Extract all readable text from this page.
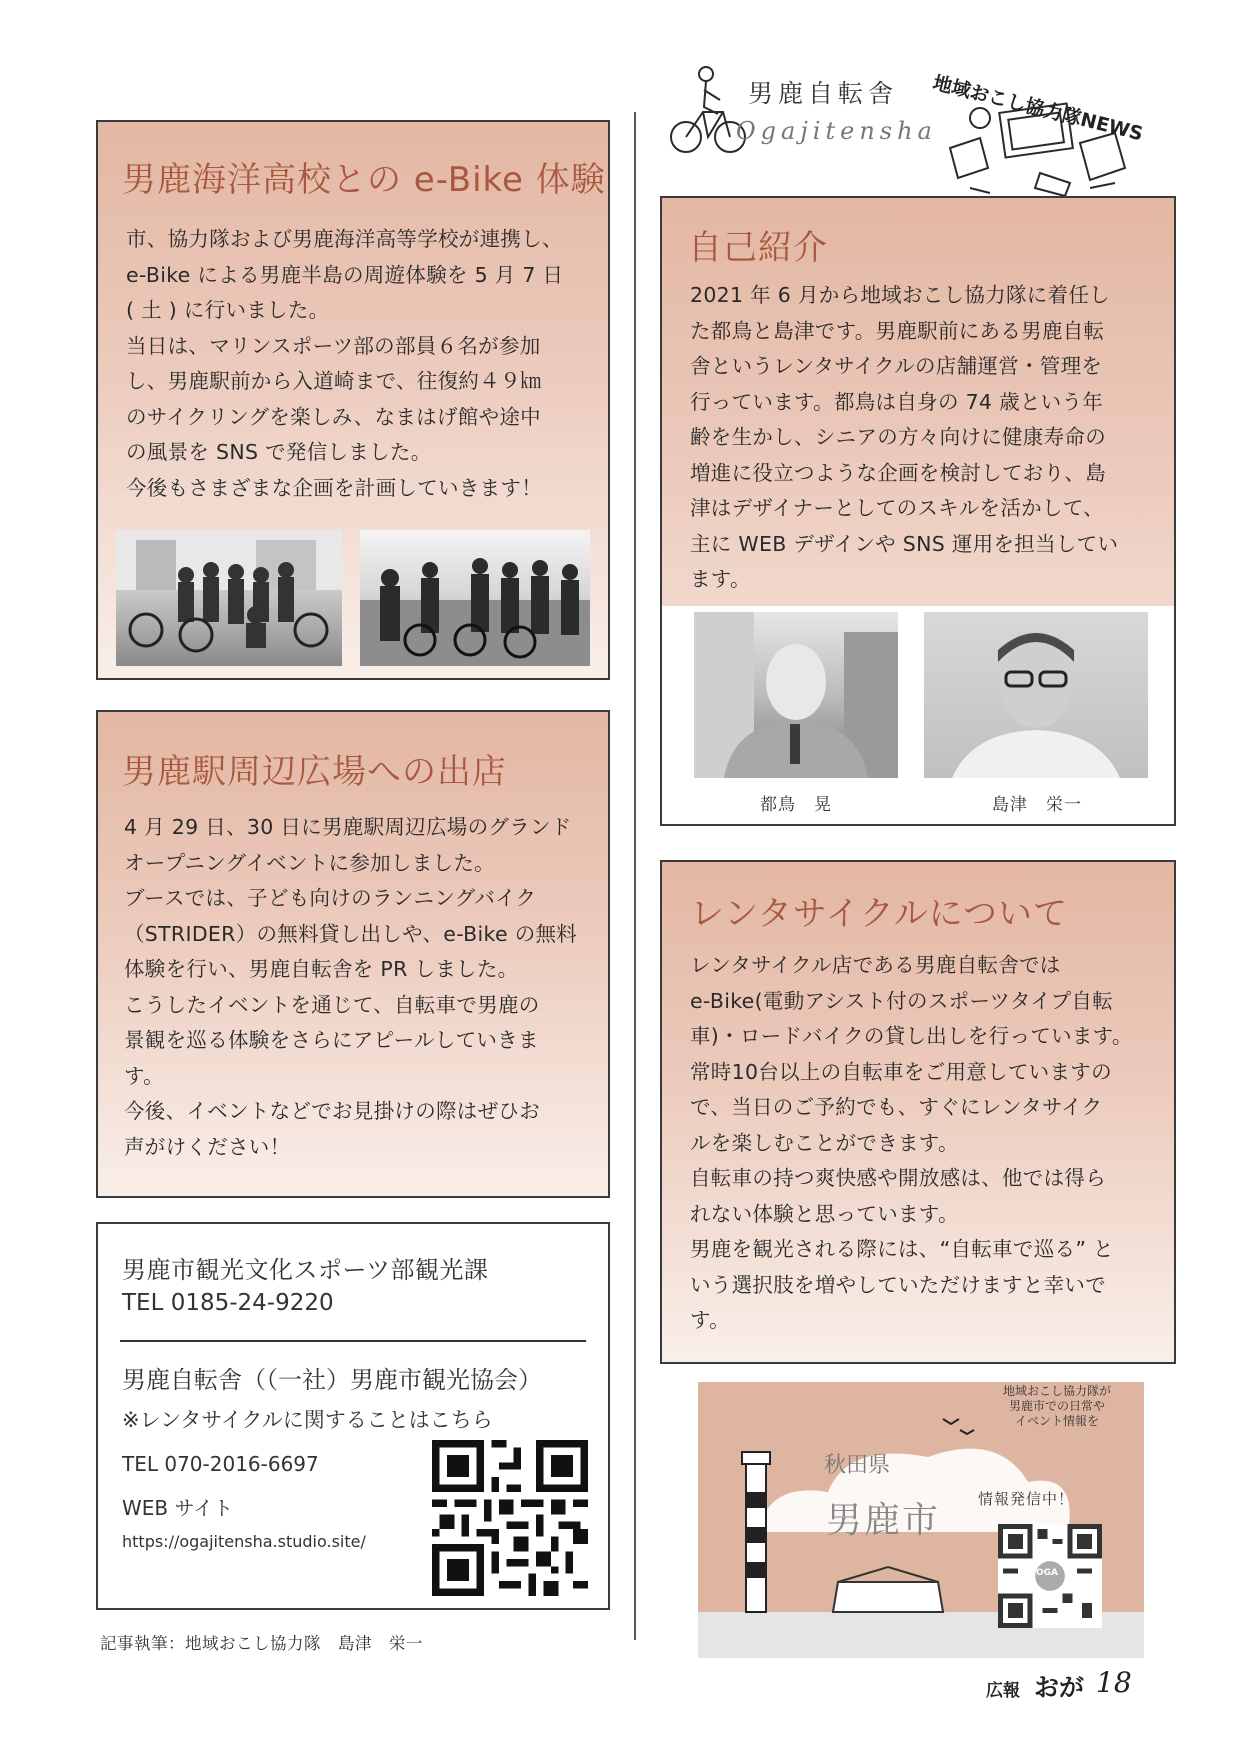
男鹿自転舎
Ogajitensha
地域おこし協力隊NEWS
男鹿海洋高校との e-Bike 体験

市、協力隊および男鹿海洋高等学校が連携し、

e-Bike による男鹿半島の周遊体験を 5 月 7 日

( 土 ) に行いました。

当日は、マリンスポーツ部の部員６名が参加

し、男鹿駅前から入道崎まで、往復約４９㎞

のサイクリングを楽しみ、なまはげ館や途中

の風景を SNS で発信しました。

今後もさまざまな企画を計画していきます！

男鹿駅周辺広場への出店

4 月 29 日、30 日に男鹿駅周辺広場のグランド

オープニングイベントに参加しました。

ブースでは、子ども向けのランニングバイク

（STRIDER）の無料貸し出しや、e-Bike の無料

体験を行い、男鹿自転舎を PR しました。

こうしたイベントを通じて、自転車で男鹿の

景観を巡る体験をさらにアピールしていきま

す。

今後、イベントなどでお見掛けの際はぜひお

声がけください！

男鹿市観光文化スポーツ部観光課
TEL 0185-24-9220
男鹿自転舎（（一社）男鹿市観光協会）
※レンタサイクルに関することはこちら
TEL 070-2016-6697
WEB サイト
https://ogajitensha.studio.site/
記事執筆：地域おこし協力隊　島津　栄一
自己紹介

2021 年 6 月から地域おこし協力隊に着任し

た都鳥と島津です。男鹿駅前にある男鹿自転

舎というレンタサイクルの店舗運営・管理を

行っています。都鳥は自身の 74 歳という年

齢を生かし、シニアの方々向けに健康寿命の

増進に役立つような企画を検討しており、島

津はデザイナーとしてのスキルを活かして、

主に WEB デザインや SNS 運用を担当してい

ます。

都鳥　晃	島津　栄一
レンタサイクルについて

レンタサイクル店である男鹿自転舎では

e-Bike(電動アシスト付のスポーツタイプ自転

車)・ロードバイクの貸し出しを行っています。

常時10台以上の自転車をご用意していますの

で、当日のご予約でも、すぐにレンタサイク

ルを楽しむことができます。

自転車の持つ爽快感や開放感は、他では得ら

れない体験と思っています。

男鹿を観光される際には、“自転車で巡る” と

いう選択肢を増やしていただけますと幸いで

す。

地域おこし協力隊が
男鹿市での日常や
イベント情報を
秋田県
男鹿市
情報発信中！
OGA
広報 おが 18
